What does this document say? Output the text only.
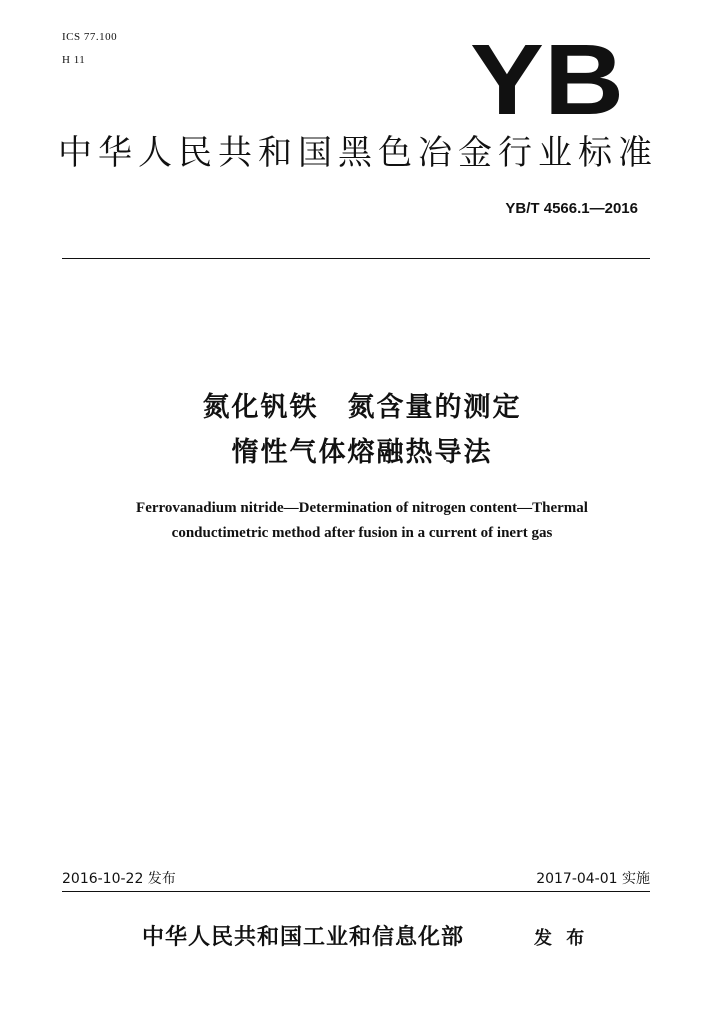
ICS 77.100
H 11	YB
中华人民共和国黑色冶金行业标准
YB/T 4566.1—2016
氮化钒铁　氮含量的测定
惰性气体熔融热导法
Ferrovanadium nitride—Determination of nitrogen content—Thermal
conductimetric method after fusion in a current of inert gas
2016-10-22 发布	2017-04-01 实施
中华人民共和国工业和信息化部	发 布
